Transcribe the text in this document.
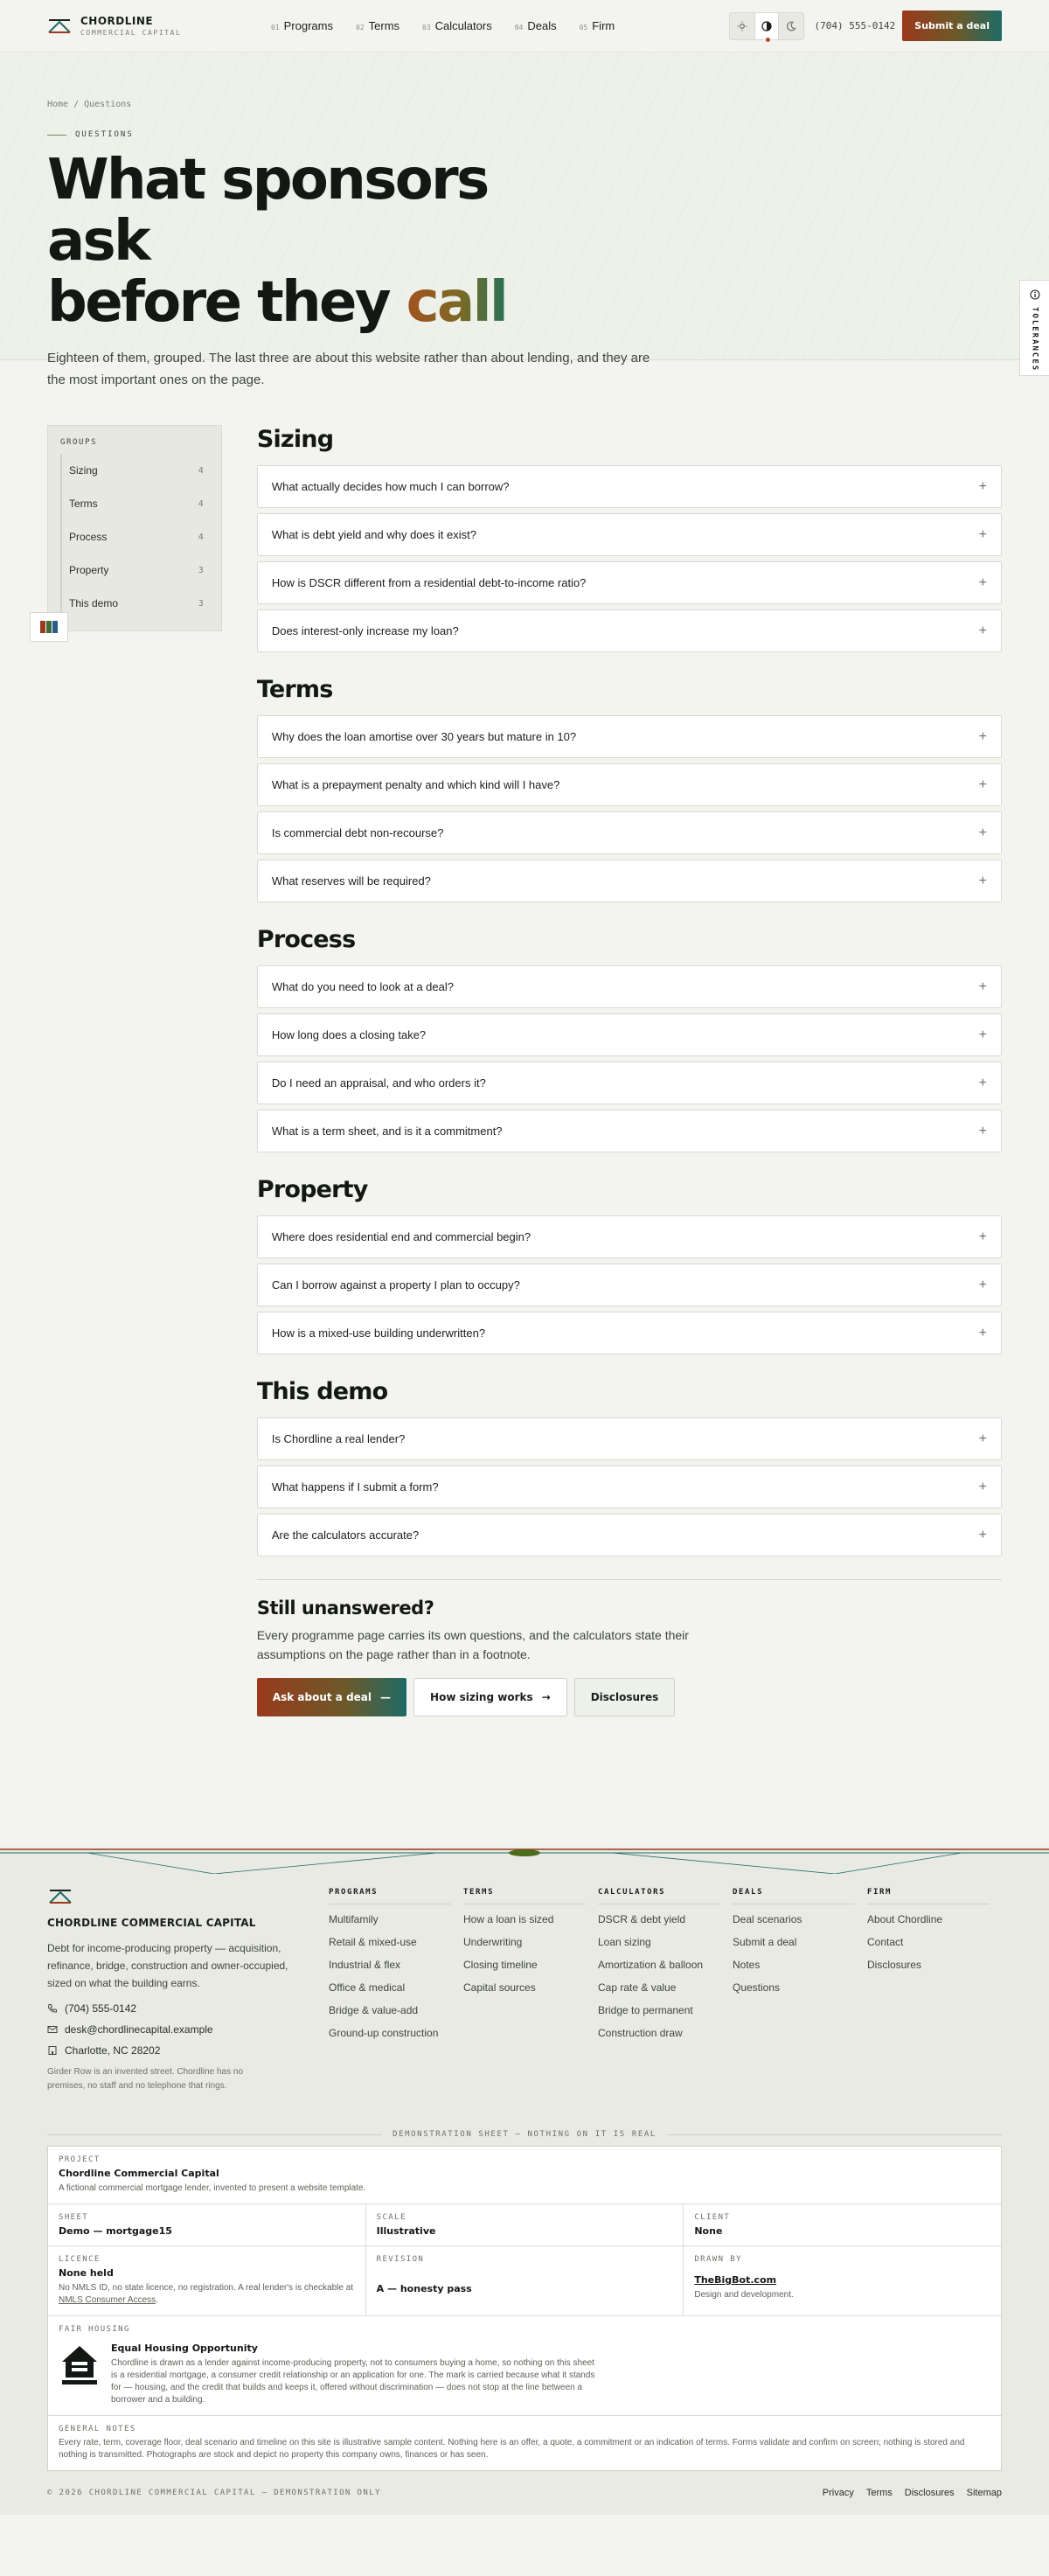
CHORDLINE
COMMERCIAL CAPITAL
01 Programs	02 Terms	03 Calculators	04 Deals	05 Firm	(704) 555-0142	Submit a deal
Home / Questions
QUESTIONS
What sponsors ask
before they call

Eighteen of them, grouped. The last three are about this website rather than about lending, and they are the most important ones on the page.

TOLERANCES
GROUPS
Sizing	4
Terms	4
Process	4
Property	3
This demo	3
Sizing
What actually decides how much I can borrow?	+
What is debt yield and why does it exist?	+
How is DSCR different from a residential debt-to-income ratio?	+
Does interest-only increase my loan?	+
Terms
Why does the loan amortise over 30 years but mature in 10?	+
What is a prepayment penalty and which kind will I have?	+
Is commercial debt non-recourse?	+
What reserves will be required?	+
Process
What do you need to look at a deal?	+
How long does a closing take?	+
Do I need an appraisal, and who orders it?	+
What is a term sheet, and is it a commitment?	+
Property
Where does residential end and commercial begin?	+
Can I borrow against a property I plan to occupy?	+
How is a mixed-use building underwritten?	+
This demo
Is Chordline a real lender?	+
What happens if I submit a form?	+
Are the calculators accurate?	+
Still unanswered?

Every programme page carries its own questions, and the calculators state their assumptions on the page rather than in a footnote.

Ask about a deal —	How sizing works →	Disclosures
CHORDLINE COMMERCIAL CAPITAL

Debt for income-producing property — acquisition, refinance, bridge, construction and owner-occupied, sized on what the building earns.

(704) 555-0142
desk@chordlinecapital.example
Charlotte, NC 28202

Girder Row is an invented street. Chordline has no premises, no staff and no telephone that rings.

PROGRAMS
Multifamily
Retail & mixed-use
Industrial & flex
Office & medical
Bridge & value-add
Ground-up construction
TERMS
How a loan is sized
Underwriting
Closing timeline
Capital sources
CALCULATORS
DSCR & debt yield
Loan sizing
Amortization & balloon
Cap rate & value
Bridge to permanent
Construction draw
DEALS
Deal scenarios
Submit a deal
Notes
Questions
FIRM
About Chordline
Contact
Disclosures
DEMONSTRATION SHEET — NOTHING ON IT IS REAL
PROJECT
Chordline Commercial Capital
A fictional commercial mortgage lender, invented to present a website template.
SHEET
Demo — mortgage15
SCALE
Illustrative
CLIENT
None
LICENCE
None held
No NMLS ID, no state licence, no registration. A real lender's is checkable at NMLS Consumer Access.
REVISION
A — honesty pass
DRAWN BY
TheBigBot.com
Design and development.
FAIR HOUSING
Equal Housing Opportunity
Chordline is drawn as a lender against income-producing property, not to consumers buying a home, so nothing on this sheet is a residential mortgage, a consumer credit relationship or an application for one. The mark is carried because what it stands for — housing, and the credit that builds and keeps it, offered without discrimination — does not stop at the line between a borrower and a building.
GENERAL NOTES
Every rate, term, coverage floor, deal scenario and timeline on this site is illustrative sample content. Nothing here is an offer, a quote, a commitment or an indication of terms. Forms validate and confirm on screen; nothing is stored and nothing is transmitted. Photographs are stock and depict no property this company owns, finances or has seen.
© 2026 CHORDLINE COMMERCIAL CAPITAL — DEMONSTRATION ONLY	Privacy Terms Disclosures Sitemap
